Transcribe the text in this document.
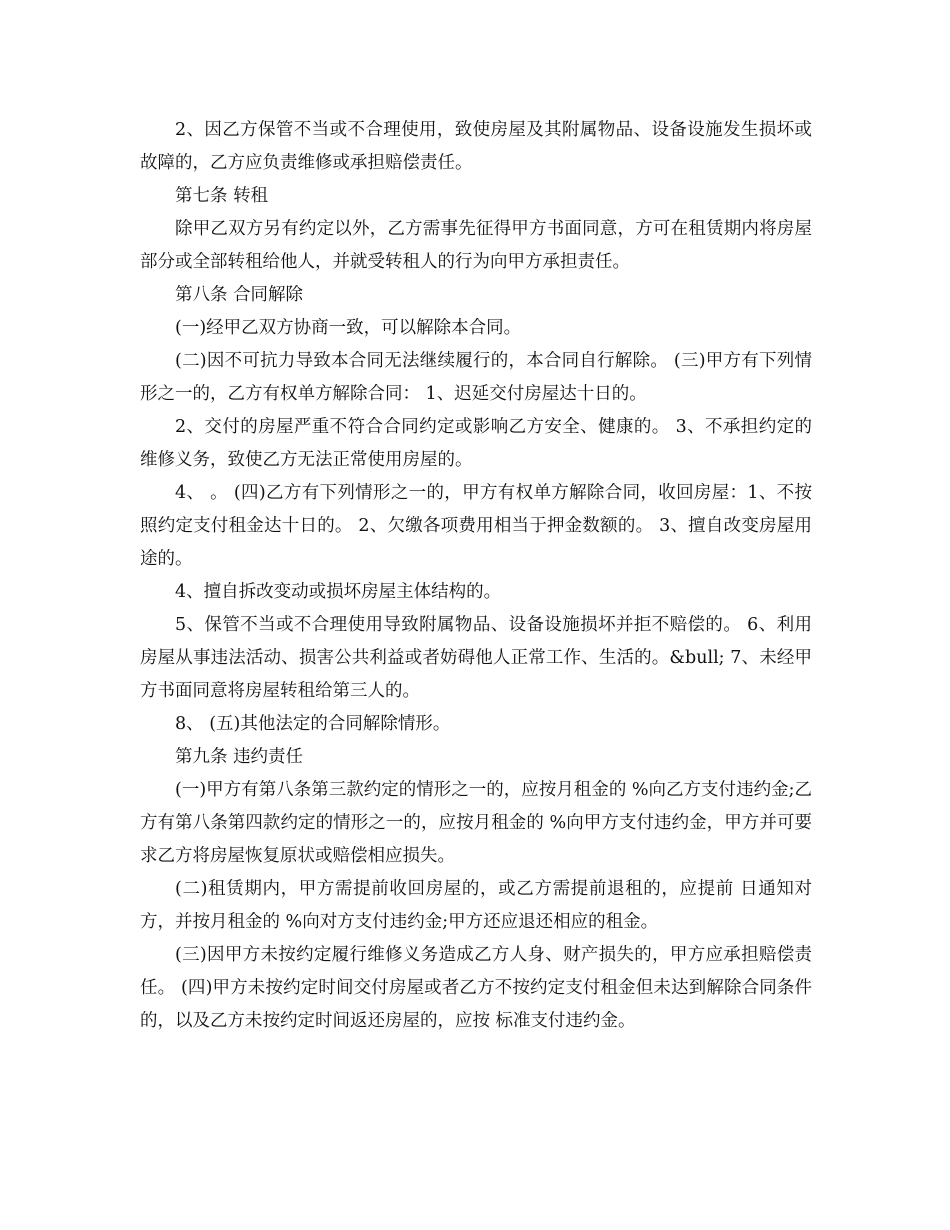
2、因乙方保管不当或不合理使用，致使房屋及其附属物品、设备设施发生损坏或故障的，乙方应负责维修或承担赔偿责任。

第七条 转租

除甲乙双方另有约定以外，乙方需事先征得甲方书面同意，方可在租赁期内将房屋部分或全部转租给他人，并就受转租人的行为向甲方承担责任。

第八条 合同解除

(一)经甲乙双方协商一致，可以解除本合同。

(二)因不可抗力导致本合同无法继续履行的，本合同自行解除。 (三)甲方有下列情形之一的，乙方有权单方解除合同： 1、迟延交付房屋达十日的。

2、交付的房屋严重不符合合同约定或影响乙方安全、健康的。 3、不承担约定的维修义务，致使乙方无法正常使用房屋的。

4、 。 (四)乙方有下列情形之一的，甲方有权单方解除合同，收回房屋：1、不按照约定支付租金达十日的。 2、欠缴各项费用相当于押金数额的。 3、擅自改变房屋用途的。

4、擅自拆改变动或损坏房屋主体结构的。

5、保管不当或不合理使用导致附属物品、设备设施损坏并拒不赔偿的。 6、利用房屋从事违法活动、损害公共利益或者妨碍他人正常工作、生活的。&bull; 7、未经甲方书面同意将房屋转租给第三人的。

8、 (五)其他法定的合同解除情形。

第九条 违约责任

(一)甲方有第八条第三款约定的情形之一的，应按月租金的 %向乙方支付违约金;乙方有第八条第四款约定的情形之一的，应按月租金的 %向甲方支付违约金，甲方并可要求乙方将房屋恢复原状或赔偿相应损失。

(二)租赁期内，甲方需提前收回房屋的，或乙方需提前退租的，应提前 日通知对方，并按月租金的 %向对方支付违约金;甲方还应退还相应的租金。

(三)因甲方未按约定履行维修义务造成乙方人身、财产损失的，甲方应承担赔偿责任。 (四)甲方未按约定时间交付房屋或者乙方不按约定支付租金但未达到解除合同条件的，以及乙方未按约定时间返还房屋的，应按 标准支付违约金。
